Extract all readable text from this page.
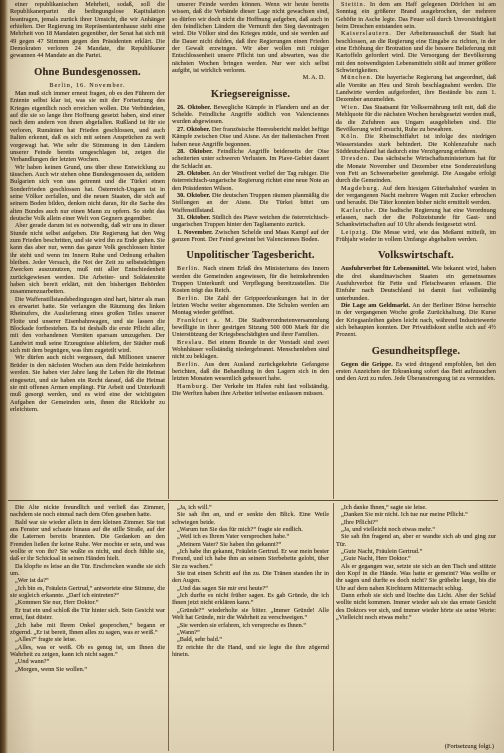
einer republikanischen Mehrheit, sodaß, soll die Republikanerpartei die bedingungslose Kapitulation beantragen, jemals zurück ihrer Umsicht, die wir Anhänger erhielten. Der Regierung im Repräsentantenhause steht eine Mehrheit von 18 Mandaten gegenüber, der Senat hat sich mit 49 gegen 47 Stimmen gegen den Präsidenten erklärt. Die Demokraten verloren 24 Mandate, die Republikaner gewannen 44 Mandate an die Partei.

Ohne Bundesgenossen.

Berlin, 16. November.

Man muß sich immer erneut fragen, ob es den Führern der Entente selbst klar ist, was sie mit der Fortsetzung des Krieges eigentlich noch erreichen wollen. Die Verbündeten, auf die sie so lange ihre Hoffnung gesetzt haben, sind einer nach dem andern von ihnen abgefallen. Rußland ist für sie verloren, Rumänien hat Frieden geschlossen, und auch Italien erkennt, daß es sich mit seinen Ansprüchen zu weit vorgewagt hat. Wie sehr die Stimmung in den Ländern unserer Feinde bereits umgeschlagen ist, zeigen die Verhandlungen der letzten Wochen.

Wir haben keinen Grund, uns über diese Entwicklung zu täuschen. Auch wir stehen ohne Bundesgenossen da, seitdem Bulgarien sich von uns getrennt und die Türkei einen Sonderfrieden geschlossen hat. Österreich-Ungarn ist in seine Völker zerfallen, und die neuen Staaten, die sich auf seinem Boden bilden, denken nicht daran, für die Sache des alten Bundes auch nur einen Mann zu opfern. So steht das deutsche Volk allein einer Welt von Gegnern gegenüber.

Aber gerade darum ist es notwendig, daß wir uns in dieser Stunde nicht selbst aufgeben. Die Regierung hat den Weg zum Frieden beschritten, und sie wird ihn zu Ende gehen. Sie kann das aber nur, wenn das ganze Volk geschlossen hinter ihr steht und wenn im Innern Ruhe und Ordnung erhalten bleiben. Jeder Versuch, die Not der Zeit zu selbstsüchtigen Zwecken auszunutzen, muß mit aller Entschiedenheit zurückgewiesen werden. Die Arbeiter- und Soldatenräte haben sich bereit erklärt, mit den bisherigen Behörden zusammenzuarbeiten.

Die Waffenstillstandsbedingungen sind hart, härter als man es erwartet hatte. Sie verlangen die Räumung des linken Rheinufers, die Auslieferung eines großen Teiles unserer Flotte und unserer Eisenbahnwagen, und sie lassen die Blockade fortbestehen. Es ist deshalb die erste Pflicht aller, mit den vorhandenen Vorräten sparsam umzugehen. Der Landwirt muß seine Erzeugnisse abliefern, der Städter muß sich mit dem begnügen, was ihm zugeteilt wird.

Wir dürfen auch nicht vergessen, daß Millionen unserer Brüder in den nächsten Wochen aus dem Felde heimkehren werden. Sie haben vier Jahre lang ihr Leben für die Heimat eingesetzt, und sie haben ein Recht darauf, daß die Heimat sie mit offenen Armen empfängt. Für Arbeit und Unterkunft muß gesorgt werden, und es wird eine der wichtigsten Aufgaben der Gemeinden sein, ihnen die Rückkehr zu erleichtern.

unserer Feinde werden können. Wenn wir heute bereits wissen, daß die Verbände dieser Lage nicht gewachsen sind, so dürfen wir doch nicht die Hoffnung aufgeben, daß auch in den feindlichen Ländern die Vernunft den Sieg davontragen wird. Die Völker sind des Krieges müde, und sie werden auf die Dauer nicht dulden, daß ihre Regierungen einen Frieden der Gewalt erzwingen. Wir aber wollen mit ruhiger Entschlossenheit unsere Pflicht tun und abwarten, was die nächsten Wochen bringen werden. Nur wer sich selbst aufgibt, ist wirklich verloren.

M. A. D.

Kriegsereignisse.

26. Oktober. Bewegliche Kämpfe in Flandern und an der Schelde. Feindliche Angriffe südlich von Valenciennes wurden abgewiesen.

27. Oktober. Der französische Heeresbericht meldet heftige Kämpfe zwischen Oise und Aisne. An der italienischen Front haben neue Angriffe begonnen.

28. Oktober. Feindliche Angriffe beiderseits der Oise scheiterten unter schweren Verlusten. Im Piave-Gebiet dauert die Schlacht an.

29. Oktober. An der Westfront verlief der Tag ruhiger. Die österreichisch-ungarische Regierung richtet eine neue Note an den Präsidenten Wilson.

30. Oktober. Die deutschen Truppen räumen planmäßig die Stellungen an der Aisne. Die Türkei bittet um Waffenstillstand.

31. Oktober. Südlich des Piave weichen die österreichisch-ungarischen Truppen hinter den Tagliamento zurück.

1. November. Zwischen Schelde und Maas Kampf auf der ganzen Front. Der Feind gewinnt bei Valenciennes Boden.

Unpolitischer Tagesbericht.

Berlin. Nach einem Erlaß des Ministeriums des Innern werden die Gemeinden angewiesen, für die heimkehrenden Truppen Unterkunft und Verpflegung bereitzustellen. Die Kosten trägt das Reich.

Berlin. Die Zahl der Grippeerkrankungen hat in der letzten Woche weiter abgenommen. Die Schulen werden am Montag wieder geöffnet.

Frankfurt a. M. Die Stadtverordnetenversammlung bewilligte in ihrer gestrigen Sitzung 500 000 Mark für die Unterstützung der Kriegsbeschädigten und ihrer Familien.

Breslau. Bei einem Brande in der Vorstadt sind zwei Wohnhäuser vollständig niedergebrannt. Menschenleben sind nicht zu beklagen.

Berlin. Aus dem Ausland zurückgekehrte Gefangene berichten, daß die Behandlung in den Lagern sich in den letzten Monaten wesentlich gebessert habe.

Hamburg. Der Verkehr im Hafen ruht fast vollständig. Die Werften haben ihre Arbeiter teilweise entlassen müssen.

Stettin. In dem am Haff gelegenen Dörfchen ist am Sonntag ein größerer Brand ausgebrochen, der mehrere Gehöfte in Asche legte. Das Feuer soll durch Unvorsichtigkeit beim Dreschen entstanden sein.

Kaiserslautern. Der Arbeiterausschuß der Stadt hat beschlossen, an die Regierung eine Eingabe zu richten, in der eine Erhöhung der Brotration und die bessere Belieferung mit Kartoffeln gefordert wird. Die Versorgung der Bevölkerung mit den notwendigsten Lebensmitteln stößt auf immer größere Schwierigkeiten.

München. Die bayerische Regierung hat angeordnet, daß alle Vorräte an Heu und Stroh beschlagnahmt werden. Die Landwirte werden aufgefordert, ihre Bestände bis zum 1. Dezember anzumelden.

Wien. Das Staatsamt für Volksernährung teilt mit, daß die Mehlquote für die nächsten Wochen herabgesetzt werden muß, da die Zufuhren aus Ungarn ausgeblieben sind. Die Bevölkerung wird ersucht, Ruhe zu bewahren.

Köln. Die Rheinschiffahrt ist infolge des niedrigen Wasserstandes stark behindert. Die Kohlenzufuhr nach Süddeutschland hat dadurch eine Verzögerung erfahren.

Dresden. Das sächsische Wirtschaftsministerium hat für die Monate November und Dezember eine Sonderzuteilung von Fett an Schwerarbeiter genehmigt. Die Ausgabe erfolgt durch die Gemeinden.

Magdeburg. Auf dem hiesigen Güterbahnhof wurden in der vergangenen Nacht mehrere Wagen mit Zucker erbrochen und beraubt. Die Täter konnten bisher nicht ermittelt werden.

Karlsruhe. Die badische Regierung hat eine Verordnung erlassen, nach der die Polizeistunde für Gast- und Schankwirtschaften auf 10 Uhr abends festgesetzt wird.

Leipzig. Die Messe wird, wie das Meßamt mitteilt, im Frühjahr wieder in vollem Umfange abgehalten werden.

Volkswirtschaft.

Ausfuhrverbot für Lebensmittel. Wie bekannt wird, haben die drei skandinavischen Staaten ein gemeinsames Ausfuhrverbot für Fette und Fleischwaren erlassen. Die Einfuhr nach Deutschland ist damit fast vollständig unterbunden.

Die Lage am Geldmarkt. An der Berliner Börse herrschte in der vergangenen Woche große Zurückhaltung. Die Kurse der Kriegsanleihen gaben leicht nach, während Industriewerte sich behaupten konnten. Der Privatdiskont stellte sich auf 4½ Prozent.

Gesundheitspflege.

Gegen die Grippe. Es wird dringend empfohlen, bei den ersten Anzeichen der Erkrankung sofort das Bett aufzusuchen und den Arzt zu rufen. Jede Überanstrengung ist zu vermeiden.

Die Alte nickte freundlich und verließ das Zimmer, nachdem sie noch einmal nach dem Ofen gesehen hatte.

Bald war sie wieder allein in dem kleinen Zimmer. Sie trat ans Fenster und schaute hinaus auf die stille Straße, auf der die Laternen bereits brannten. Die Gedanken an den Fremden ließen ihr keine Ruhe. Wer mochte er sein, und was wollte er von ihr? Sie wußte es nicht, und doch fühlte sie, daß er ihr Schicksal in seinen Händen hielt.

Da klopfte es leise an die Tür. Erschrocken wandte sie sich um.

„Wer ist da?“

„Ich bin es, Fräulein Gertrud,“ antwortete eine Stimme, die sie sogleich erkannte. „Darf ich eintreten?“

„Kommen Sie nur, Herr Doktor.“

Er trat ein und schloß die Tür hinter sich. Sein Gesicht war ernst, fast düster.

„Ich habe mit Ihrem Onkel gesprochen,“ begann er zögernd. „Er ist bereit, Ihnen alles zu sagen, was er weiß.“

„Alles?“ fragte sie leise.

„Alles, was er weiß. Ob es genug ist, um Ihnen die Wahrheit zu zeigen, kann ich nicht sagen.“

„Und wann?“

„Morgen, wenn Sie wollen.“

„Ja, ich will.“

Sie sah ihn an, und er senkte den Blick. Eine Weile schwiegen beide.

„Warum tun Sie das für mich?“ fragte sie endlich.

„Weil ich es Ihrem Vater versprochen habe.“

„Meinem Vater? Sie haben ihn gekannt?“

„Ich habe ihn gekannt, Fräulein Gertrud. Er war mein bester Freund, und ich habe ihm an seinem Sterbebette gelobt, über Sie zu wachen.“

Sie trat einen Schritt auf ihn zu. Die Tränen standen ihr in den Augen.

„Und das sagen Sie mir erst heute?“

„Ich durfte es nicht früher sagen. Es gab Gründe, die ich Ihnen jetzt nicht erklären kann.“

„Gründe?“ wiederholte sie bitter. „Immer Gründe! Alle Welt hat Gründe, mir die Wahrheit zu verschweigen.“

„Sie werden sie erfahren, ich verspreche es Ihnen.“

„Wann?“

„Bald, sehr bald.“

Er reichte ihr die Hand, und sie legte die ihre zögernd hinein.

„Ich danke Ihnen,“ sagte sie leise.

„Danken Sie mir nicht. Ich tue nur meine Pflicht.“

„Ihre Pflicht?“

„Ja, und vielleicht noch etwas mehr.“

Sie sah ihn fragend an, aber er wandte sich ab und ging zur Tür.

„Gute Nacht, Fräulein Gertrud.“

„Gute Nacht, Herr Doktor.“

Als er gegangen war, setzte sie sich an den Tisch und stützte den Kopf in die Hände. Was hatte er gemeint? Was wollte er ihr sagen und durfte es doch nicht? Sie grübelte lange, bis die Uhr auf dem nahen Kirchturm Mitternacht schlug.

Dann erhob sie sich und löschte das Licht. Aber der Schlaf wollte nicht kommen. Immer wieder sah sie das ernste Gesicht des Doktors vor sich, und immer wieder hörte sie seine Worte: „Vielleicht noch etwas mehr.“

(Fortsetzung folgt.)
